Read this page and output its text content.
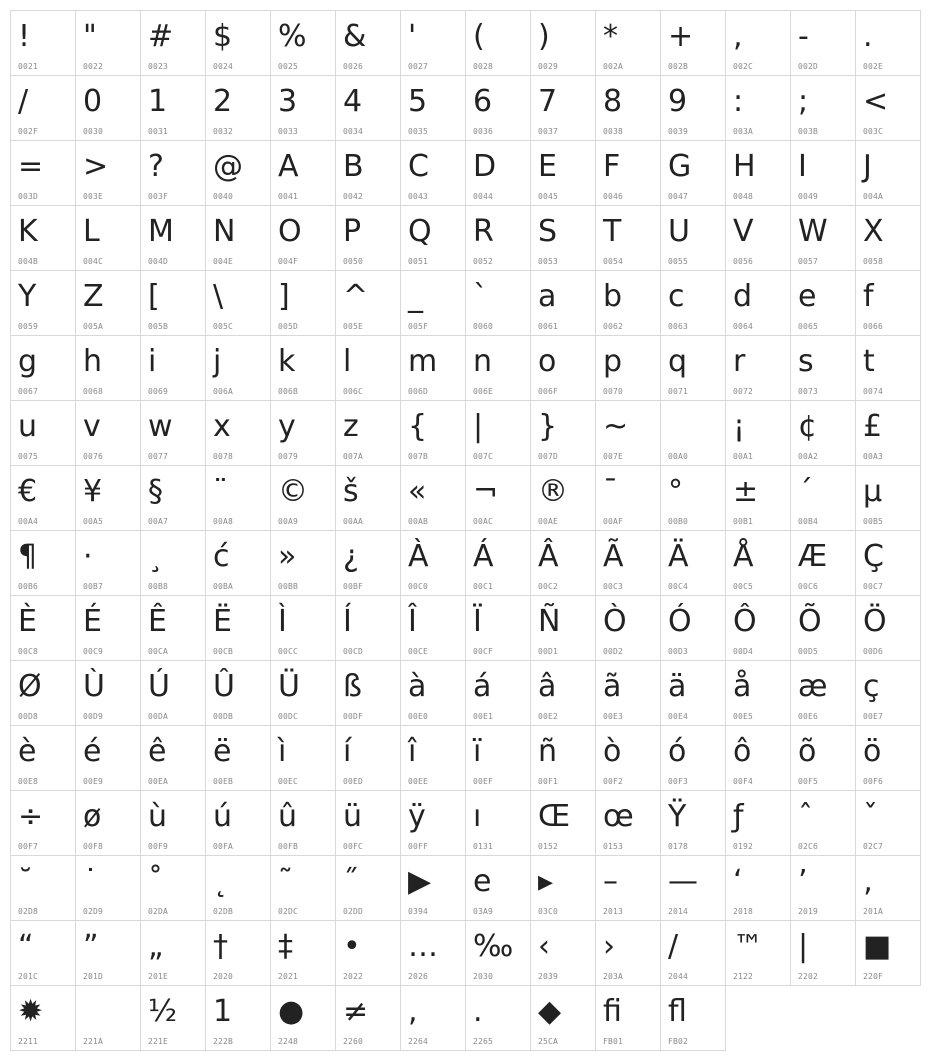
!
0021
"
0022
#
0023
$
0024
%
0025
&
0026
'
0027
(
0028
)
0029
*
002A
+
002B
,
002C
-
002D
.
002E
/
002F
0
0030
1
0031
2
0032
3
0033
4
0034
5
0035
6
0036
7
0037
8
0038
9
0039
:
003A
;
003B
<
003C
=
003D
>
003E
?
003F
@
0040
A
0041
B
0042
C
0043
D
0044
E
0045
F
0046
G
0047
H
0048
I
0049
J
004A
K
004B
L
004C
M
004D
N
004E
O
004F
P
0050
Q
0051
R
0052
S
0053
T
0054
U
0055
V
0056
W
0057
X
0058
Y
0059
Z
005A
[
005B
\
005C
]
005D
^
005E
_
005F
`
0060
a
0061
b
0062
c
0063
d
0064
e
0065
f
0066
g
0067
h
0068
i
0069
j
006A
k
006B
l
006C
m
006D
n
006E
o
006F
p
0070
q
0071
r
0072
s
0073
t
0074
u
0075
v
0076
w
0077
x
0078
y
0079
z
007A
{
007B
|
007C
}
007D
~
007E
	00A0
¡
00A1
¢
00A2
£
00A3
€
00A4
¥
00A5
§
00A7
¨
00A8
©
00A9
š
00AA
«
00AB
¬
00AC
®
00AE
¯
00AF
°
00B0
±
00B1
´
00B4
µ
00B5
¶
00B6
·
00B7
¸
00B8
ć
00BA
»
00BB
¿
00BF
À
00C0
Á
00C1
Â
00C2
Ã
00C3
Ä
00C4
Å
00C5
Æ
00C6
Ç
00C7
È
00C8
É
00C9
Ê
00CA
Ë
00CB
Ì
00CC
Í
00CD
Î
00CE
Ï
00CF
Ñ
00D1
Ò
00D2
Ó
00D3
Ô
00D4
Õ
00D5
Ö
00D6
Ø
00D8
Ù
00D9
Ú
00DA
Û
00DB
Ü
00DC
ß
00DF
à
00E0
á
00E1
â
00E2
ã
00E3
ä
00E4
å
00E5
æ
00E6
ç
00E7
è
00E8
é
00E9
ê
00EA
ë
00EB
ì
00EC
í
00ED
î
00EE
ï
00EF
ñ
00F1
ò
00F2
ó
00F3
ô
00F4
õ
00F5
ö
00F6
÷
00F7
ø
00F8
ù
00F9
ú
00FA
û
00FB
ü
00FC
ÿ
00FF
ı
0131
Œ
0152
œ
0153
Ÿ
0178
ƒ
0192
ˆ
02C6
ˇ
02C7
˘
02D8
˙
02D9
˚
02DA
˛
02DB
˜
02DC
˝
02DD
▶
0394
e
03A9
▸
03C0
–
2013
—
2014
‘
2018
’
2019
‚
201A
“
201C
”
201D
„
201E
†
2020
‡
2021
•
2022
…
2026
‰
2030
‹
2039
›
203A
/
2044
™
2122
|
2202
■
220F
✹
2211
	221A
½
221E
1
222B
●
2248
≠
2260
,
2264
.
2265
◆
25CA
ﬁ
FB01
ﬂ
FB02
